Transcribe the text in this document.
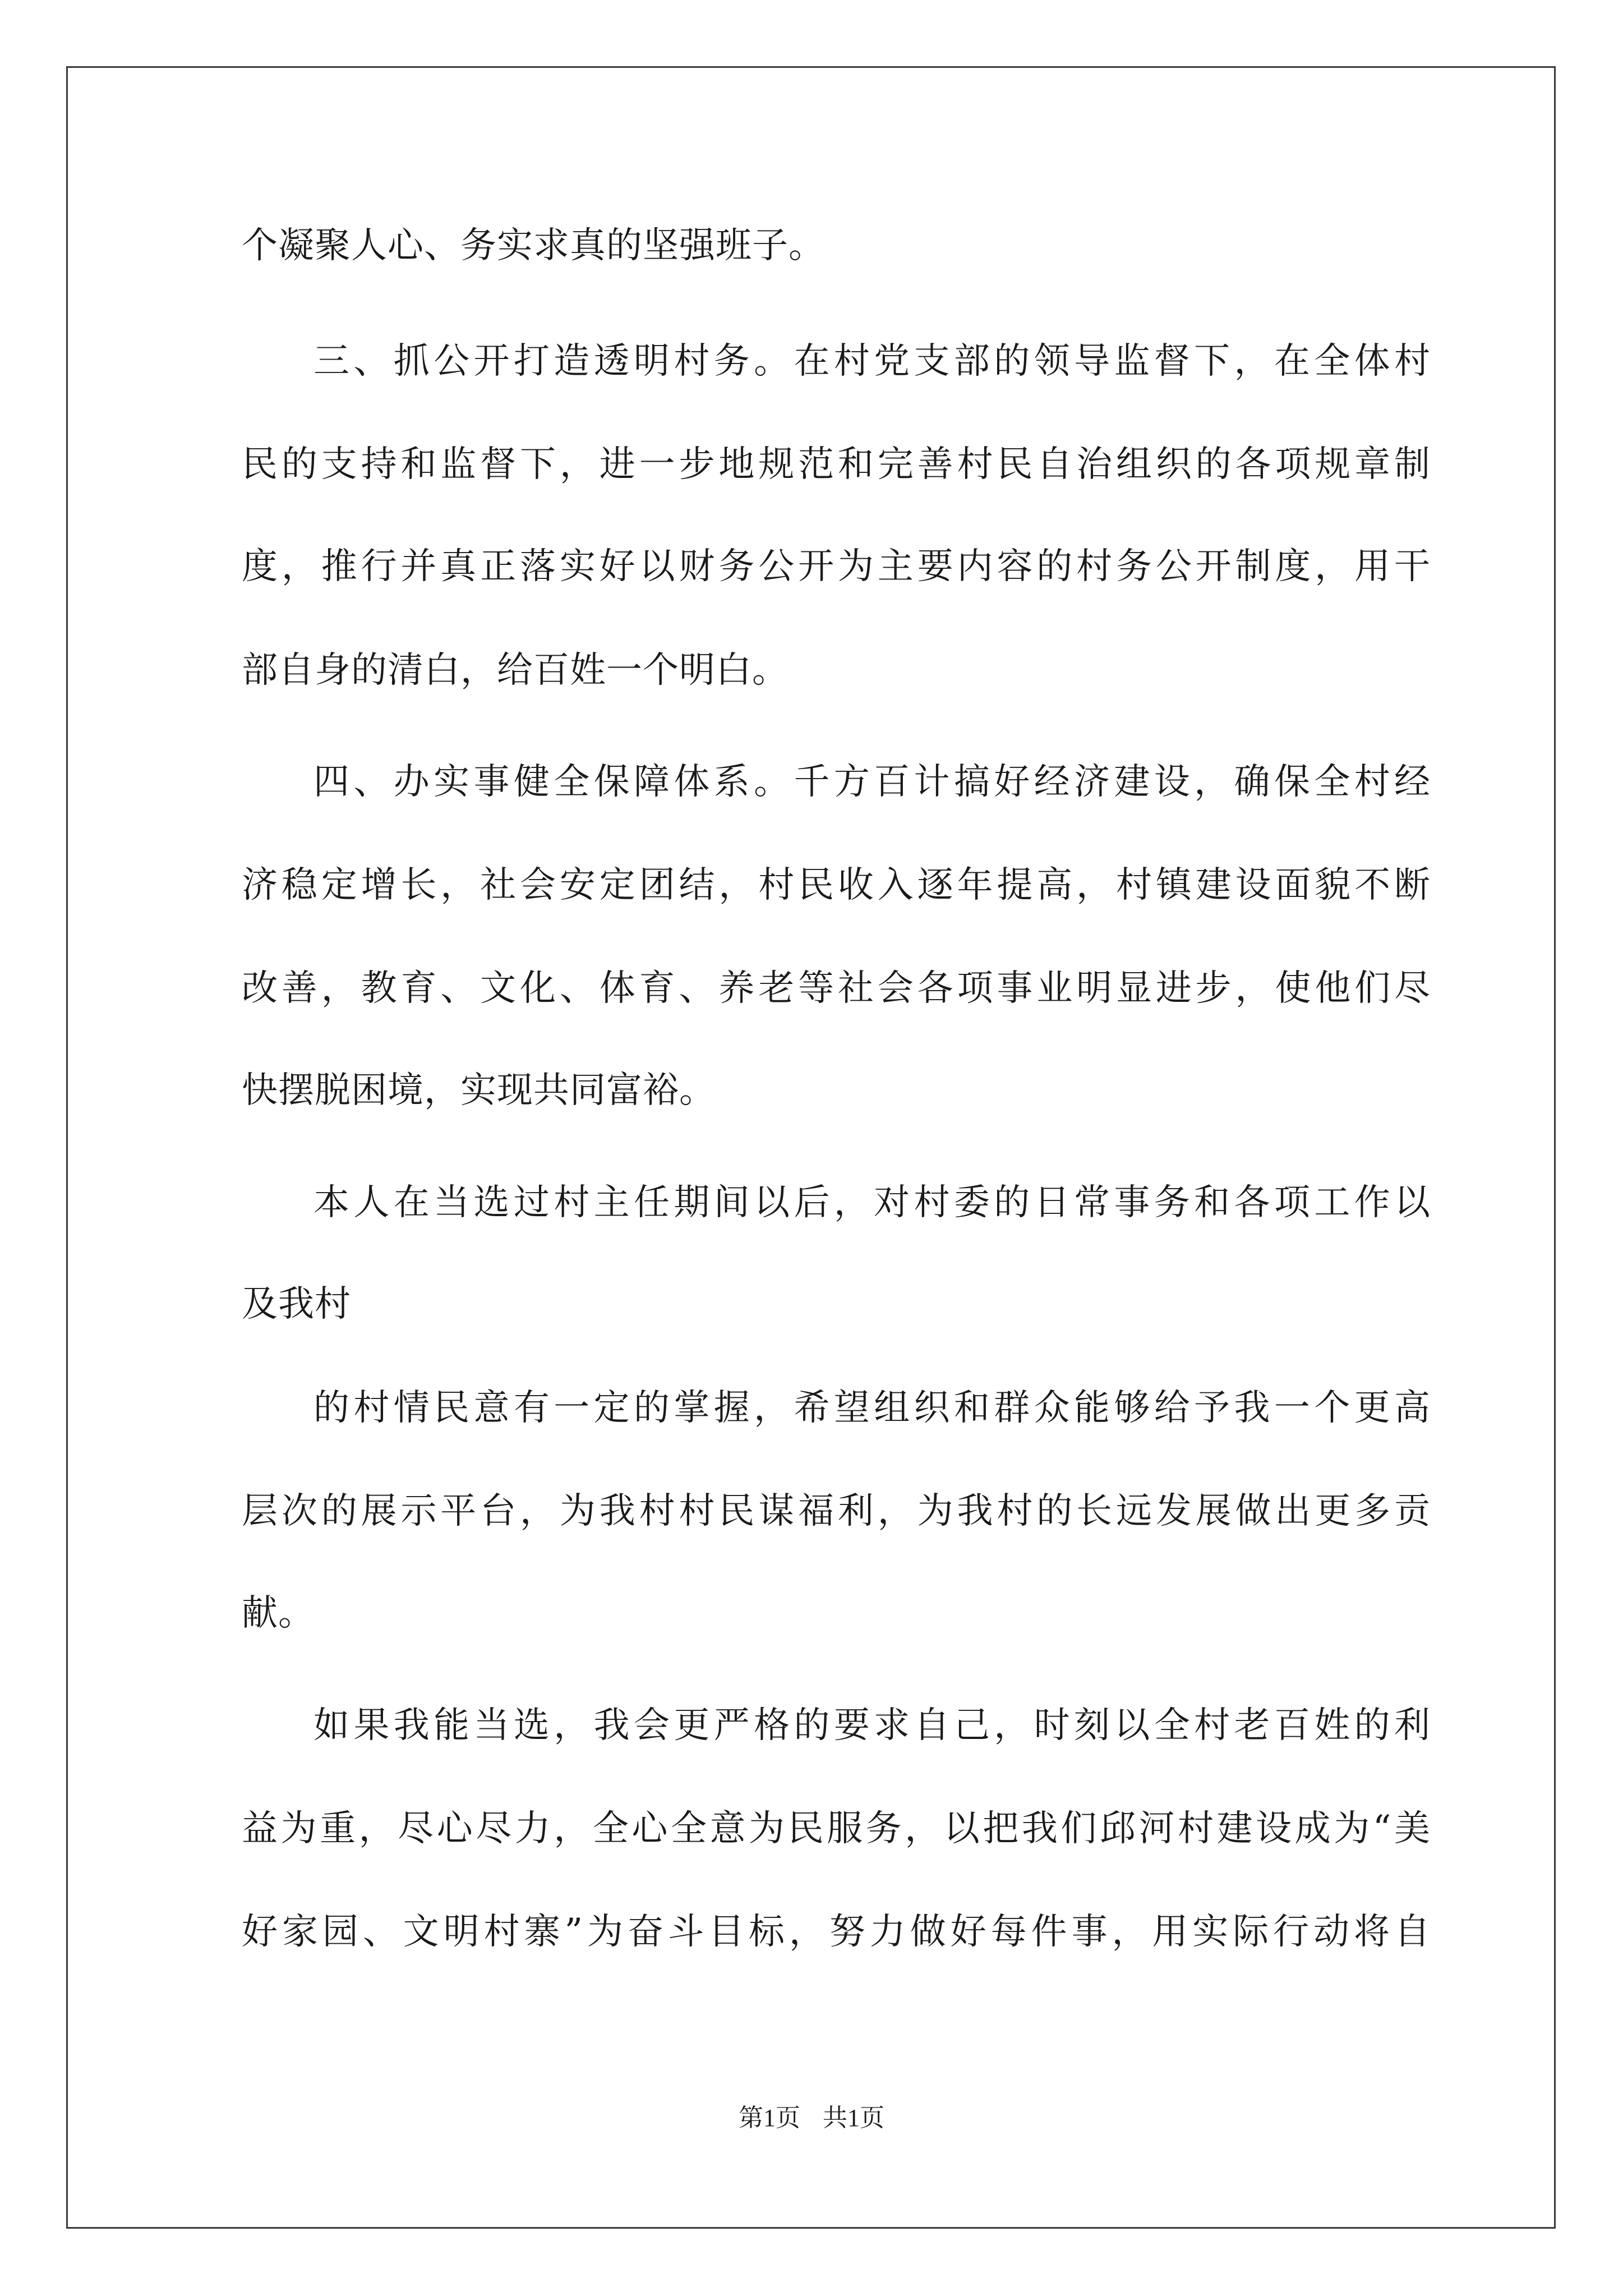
个凝聚人心、务实求真的坚强班子。
三、抓公开打造透明村务。在村党支部的领导监督下，在全体村
民的支持和监督下，进一步地规范和完善村民自治组织的各项规章制
度，推行并真正落实好以财务公开为主要内容的村务公开制度，用干
部自身的清白，给百姓一个明白。
四、办实事健全保障体系。千方百计搞好经济建设，确保全村经
济稳定增长，社会安定团结，村民收入逐年提高，村镇建设面貌不断
改善，教育、文化、体育、养老等社会各项事业明显进步，使他们尽
快摆脱困境，实现共同富裕。
本人在当选过村主任期间以后，对村委的日常事务和各项工作以
及我村
的村情民意有一定的掌握，希望组织和群众能够给予我一个更高
层次的展示平台，为我村村民谋福利，为我村的长远发展做出更多贡
献。
如果我能当选，我会更严格的要求自己，时刻以全村老百姓的利
益为重，尽心尽力，全心全意为民服务，以把我们邱河村建设成为“美
好家园、文明村寨”为奋斗目标，努力做好每件事，用实际行动将自
第1页 共1页
